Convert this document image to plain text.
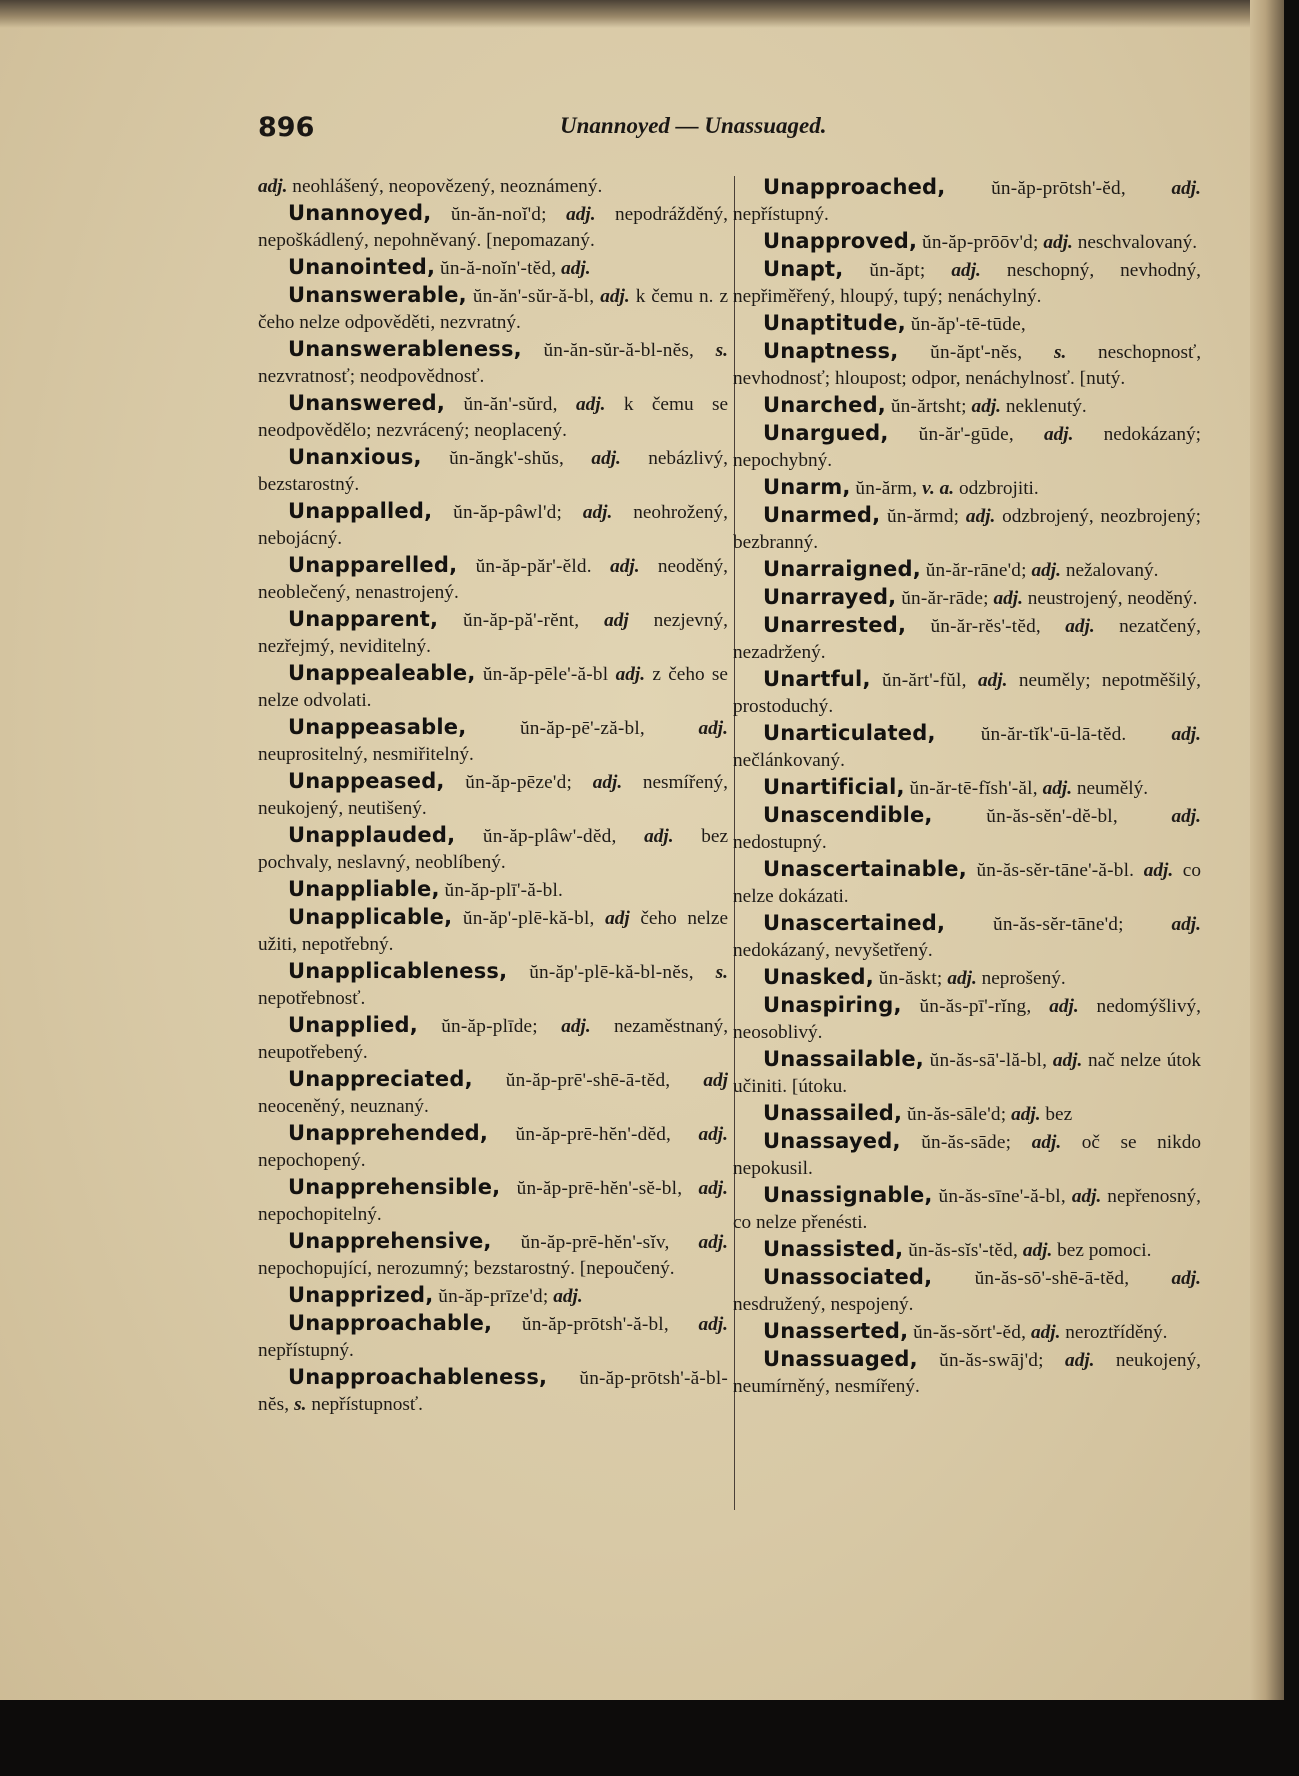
896	Unannoyed — Unassuaged.

adj. neohlášený, neopovězený, neoznámený.

Unannoyed, ŭn-ăn-noĭ'd; adj. nepodrážděný, nepoškádlený, nepohněvaný. [nepomazaný.

Unanointed, ŭn-ă-noĭn'-tĕd, adj.

Unanswerable, ŭn-ăn'-sŭr-ă-bl, adj. k čemu n. z čeho nelze odpověděti, nezvratný.

Unanswerableness, ŭn-ăn-sŭr-ă-bl-nĕs, s. nezvratnosť; neodpovědnosť.

Unanswered, ŭn-ăn'-sŭrd, adj. k čemu se neodpovědělo; nezvrácený; neoplacený.

Unanxious, ŭn-ăngk'-shŭs, adj. nebázlivý, bezstarostný.

Unappalled, ŭn-ăp-pâwl'd; adj. neohrožený, nebojácný.

Unapparelled, ŭn-ăp-păr'-ĕld. adj. neoděný, neoblečený, nenastrojený.

Unapparent, ŭn-ăp-pă'-rĕnt, adj nezjevný, nezřejmý, neviditelný.

Unappealeable, ŭn-ăp-pēle'-ă-bl adj. z čeho se nelze odvolati.

Unappeasable,	ŭn-ăp-pē'-ză-bl,	adj. neuprositelný, nesmiřitelný.

Unappeased, ŭn-ăp-pēze'd; adj. nesmířený, neukojený, neutišený.

Unapplauded, ŭn-ăp-plâw'-dĕd, adj. bez pochvaly, neslavný, neoblíbený.

Unappliable, ŭn-ăp-plī'-ă-bl.

Unapplicable, ŭn-ăp'-plē-kă-bl, adj čeho nelze užiti, nepotřebný.

Unapplicableness, ŭn-ăp'-plē-kă-bl-nĕs, s. nepotřebnosť.

Unapplied, ŭn-ăp-plīde; adj. nezaměstnaný, neupotřebený.

Unappreciated, ŭn-ăp-prē'-shē-ā-tĕd, adj neoceněný, neuznaný.

Unapprehended, ŭn-ăp-prē-hĕn'-dĕd, adj. nepochopený.

Unapprehensible, ŭn-ăp-prē-hĕn'-sĕ-bl, adj. nepochopitelný.

Unapprehensive, ŭn-ăp-prē-hĕn'-sĭv, adj. nepochopující, nerozumný; bezstarostný. [nepoučený.

Unapprized, ŭn-ăp-prīze'd; adj.

Unapproachable, ŭn-ăp-prōtsh'-ă-bl, adj. nepřístupný.

Unapproachableness, ŭn-ăp-prōtsh'-ă-bl-nĕs, s. nepřístupnosť.

Unapproached, ŭn-ăp-prōtsh'-ĕd, adj. nepřístupný.

Unapproved, ŭn-ăp-prōōv'd; adj. neschvalovaný.

Unapt, ŭn-ăpt; adj. neschopný, nevhodný, nepřiměřený, hloupý, tupý; nenáchylný.

Unaptitude, ŭn-ăp'-tē-tūde,

Unaptness, ŭn-ăpt'-nĕs, s. neschopnosť, nevhodnosť; hloupost; odpor, nenáchylnosť. [nutý.

Unarched, ŭn-ărtsht; adj. neklenutý.

Unargued, ŭn-ăr'-gūde, adj. nedokázaný; nepochybný.

Unarm, ŭn-ărm, v. a. odzbrojiti.

Unarmed, ŭn-ărmd; adj. odzbrojený, neozbrojený; bezbranný.

Unarraigned, ŭn-ăr-rāne'd; adj. nežalovaný.

Unarrayed, ŭn-ăr-rāde; adj. neustrojený, neoděný.

Unarrested, ŭn-ăr-rĕs'-tĕd, adj. nezatčený, nezadržený.

Unartful, ŭn-ărt'-fŭl, adj. neuměly; nepotměšilý, prostoduchý.

Unarticulated, ŭn-ăr-tĭk'-ū-lā-tĕd. adj. nečlánkovaný.

Unartificial, ŭn-ăr-tē-fĭsh'-ăl, adj. neumělý.

Unascendible,	ŭn-ăs-sĕn'-dĕ-bl,	adj. nedostupný.

Unascertainable, ŭn-ăs-sĕr-tāne'-ă-bl. adj. co nelze dokázati.

Unascertained, ŭn-ăs-sĕr-tāne'd; adj. nedokázaný, nevyšetřený.

Unasked, ŭn-ăskt; adj. neprošený.

Unaspiring, ŭn-ăs-pī'-rĭng, adj. nedomýšlivý, neosoblivý.

Unassailable, ŭn-ăs-sā'-lă-bl, adj. nač nelze útok učiniti. [útoku.

Unassailed, ŭn-ăs-sāle'd; adj. bez

Unassayed, ŭn-ăs-sāde; adj. oč se nikdo nepokusil.

Unassignable, ŭn-ăs-sīne'-ă-bl, adj. nepřenosný, co nelze přenésti.

Unassisted, ŭn-ăs-sĭs'-tĕd, adj. bez pomoci.

Unassociated, ŭn-ăs-sō'-shē-ā-tĕd, adj. nesdružený, nespojený.

Unasserted, ŭn-ăs-sŏrt'-ĕd, adj. neroztříděný.

Unassuaged, ŭn-ăs-swāj'd; adj. neukojený, neumírněný, nesmířený.
